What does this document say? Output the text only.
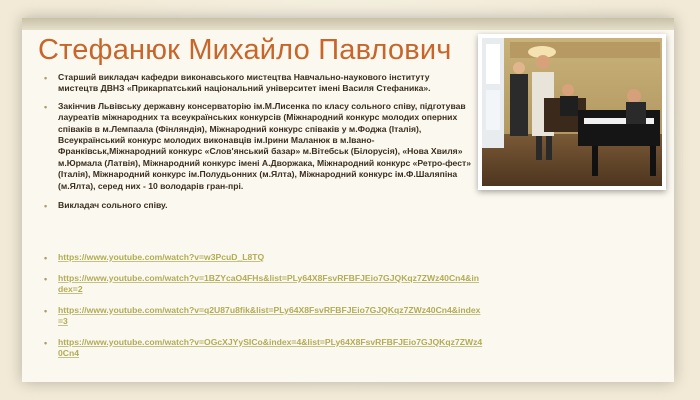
Стефанюк Михайло Павлович

• Старший викладач кафедри виконавського мистецтва Навчально-наукового інституту мистецтв ДВНЗ «Прикарпатський національний університет імені Василя Стефаника».

• Закінчив Львівську державну консерваторію ім.М.Лисенка по класу сольного співу, підготував лауреатів міжнародних та всеукраїнських конкурсів (Міжнародний конкурс молодих оперних співаків в м.Лемпаала (Фінляндія), Міжнародний конкурс співаків у м.Фоджа (Італія), Всеукраїнський конкурс молодих виконавців ім.Ірини Маланюк в м.Івано-Франківськ,Міжнародний конкурс «Слов'янський базар» м.Вітебськ (Білорусія), «Нова Хвиля» м.Юрмала (Латвія), Міжнародний конкурс імені А.Дворжака, Міжнародний конкурс «Ретро-фест» (Італія), Міжнародний конкурс ім.Полудьонних (м.Ялта), Міжнародний конкурс ім.Ф.Шаляпіна (м.Ялта), серед них - 10 володарів гран-прі.

• Викладач сольного співу.

• https://www.youtube.com/watch?v=w3PcuD_L8TQ
• https://www.youtube.com/watch?v=1BZYcaO4FHs&list=PLy64X8FsvRFBFJEio7GJQKqz7ZWz40Cn4&index=2
• https://www.youtube.com/watch?v=q2U87u8fik&list=PLy64X8FsvRFBFJEio7GJQKqz7ZWz40Cn4&index=3
• https://www.youtube.com/watch?v=OGcXJYySICo&index=4&list=PLy64X8FsvRFBFJEio7GJQKqz7ZWz40Cn4
